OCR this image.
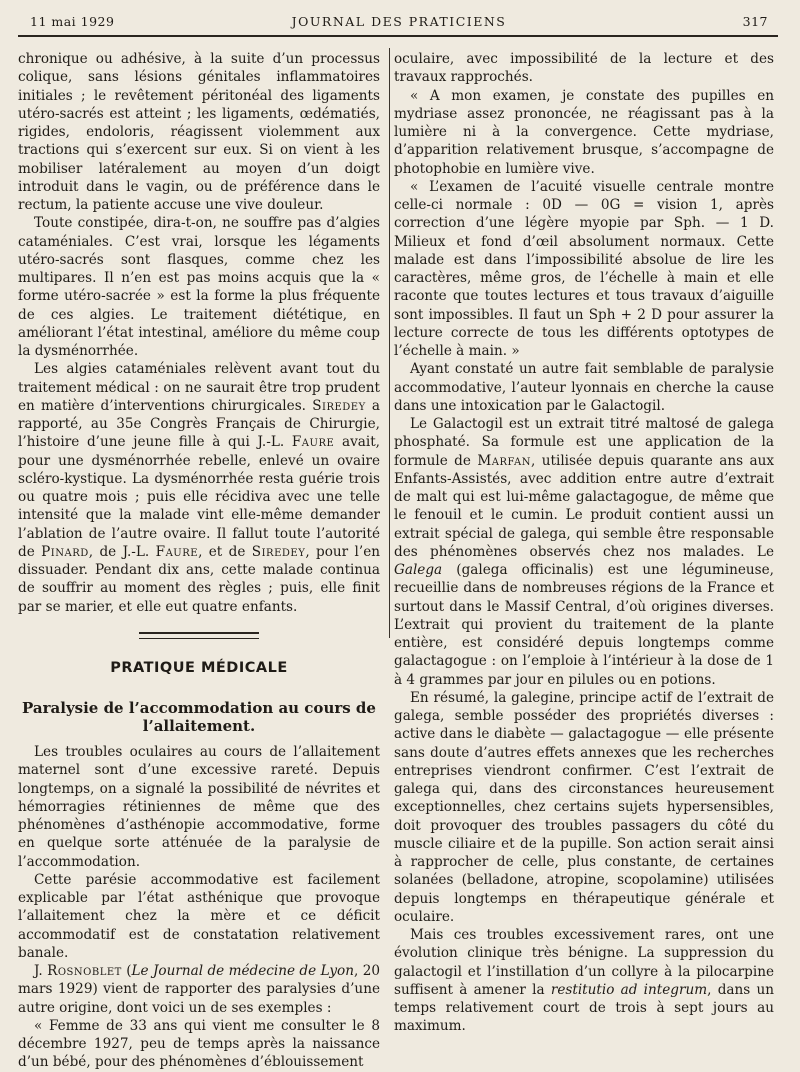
11 mai 1929	JOURNAL DES PRATICIENS	317

chronique ou adhésive, à la suite d’un processus colique, sans lésions génitales inflammatoires initiales ; le revêtement péritonéal des ligaments utéro-sacrés est atteint ; les ligaments, œdématiés, rigides, endoloris, réagissent violemment aux tractions qui s’exercent sur eux. Si on vient à les mobiliser latéralement au moyen d’un doigt introduit dans le vagin, ou de préférence dans le rectum, la patiente accuse une vive douleur.

Toute constipée, dira-t-on, ne souffre pas d’algies cataméniales. C’est vrai, lorsque les légaments utéro-sacrés sont flasques, comme chez les multipares. Il n’en est pas moins acquis que la « forme utéro-sacrée » est la forme la plus fréquente de ces algies. Le traitement diététique, en améliorant l’état intestinal, améliore du même coup la dysménorrhée.

Les algies cataméniales relèvent avant tout du traitement médical : on ne saurait être trop prudent en matière d’interventions chirurgicales. Siredey a rapporté, au 35e Congrès Français de Chirurgie, l’histoire d’une jeune fille à qui J.-L. Faure avait, pour une dysménorrhée rebelle, enlevé un ovaire scléro-kystique. La dysménorrhée resta guérie trois ou quatre mois ; puis elle récidiva avec une telle intensité que la malade vint elle-même demander l’ablation de l’autre ovaire. Il fallut toute l’autorité de Pinard, de J.-L. Faure, et de Siredey, pour l’en dissuader. Pendant dix ans, cette malade continua de souffrir au moment des règles ; puis, elle finit par se marier, et elle eut quatre enfants.

PRATIQUE MÉDICALE
Paralysie de l’accommodation au cours de l’allaitement.

Les troubles oculaires au cours de l’allaitement maternel sont d’une excessive rareté. Depuis longtemps, on a signalé la possibilité de névrites et hémorragies rétiniennes de même que des phénomènes d’asthénopie accommodative, forme en quelque sorte atténuée de la paralysie de l’accommodation.

Cette parésie accommodative est facilement explicable par l’état asthénique que provoque l’allaitement chez la mère et ce déficit accommodatif est de constatation relativement banale.

J. Rosnoblet (Le Journal de médecine de Lyon, 20 mars 1929) vient de rapporter des paralysies d’une autre origine, dont voici un de ses exemples :

« Femme de 33 ans qui vient me consulter le 8 décembre 1927, peu de temps après la naissance d’un bébé, pour des phénomènes d’éblouissement

oculaire, avec impossibilité de la lecture et des travaux rapprochés.

« A mon examen, je constate des pupilles en mydriase assez prononcée, ne réagissant pas à la lumière ni à la convergence. Cette mydriase, d’apparition relativement brusque, s’accompagne de photophobie en lumière vive.

« L’examen de l’acuité visuelle centrale montre celle-ci normale : 0D — 0G = vision 1, après correction d’une légère myopie par Sph. — 1 D. Milieux et fond d’œil absolument normaux. Cette malade est dans l’impossibilité absolue de lire les caractères, même gros, de l’échelle à main et elle raconte que toutes lectures et tous travaux d’aiguille sont impossibles. Il faut un Sph + 2 D pour assurer la lecture correcte de tous les différents optotypes de l’échelle à main. »

Ayant constaté un autre fait semblable de paralysie accommodative, l’auteur lyonnais en cherche la cause dans une intoxication par le Galactogil.

Le Galactogil est un extrait titré maltosé de galega phosphaté. Sa formule est une application de la formule de Marfan, utilisée depuis quarante ans aux Enfants-Assistés, avec addition entre autre d’extrait de malt qui est lui-même galactagogue, de même que le fenouil et le cumin. Le produit contient aussi un extrait spécial de galega, qui semble être responsable des phénomènes observés chez nos malades. Le Galega (galega officinalis) est une légumineuse, recueillie dans de nombreuses régions de la France et surtout dans le Massif Central, d’où origines diverses. L’extrait qui provient du traitement de la plante entière, est considéré depuis longtemps comme galactagogue : on l’emploie à l’intérieur à la dose de 1 à 4 grammes par jour en pilules ou en potions.

En résumé, la galegine, principe actif de l’extrait de galega, semble posséder des propriétés diverses : active dans le diabète — galactagogue — elle présente sans doute d’autres effets annexes que les recherches entreprises viendront confirmer. C’est l’extrait de galega qui, dans des circonstances heureusement exceptionnelles, chez certains sujets hypersensibles, doit provoquer des troubles passagers du côté du muscle ciliaire et de la pupille. Son action serait ainsi à rapprocher de celle, plus constante, de certaines solanées (belladone, atropine, scopolamine) utilisées depuis longtemps en thérapeutique générale et oculaire.

Mais ces troubles excessivement rares, ont une évolution clinique très bénigne. La suppression du galactogil et l’instillation d’un collyre à la pilocarpine suffisent à amener la restitutio ad integrum, dans un temps relativement court de trois à sept jours au maximum.
